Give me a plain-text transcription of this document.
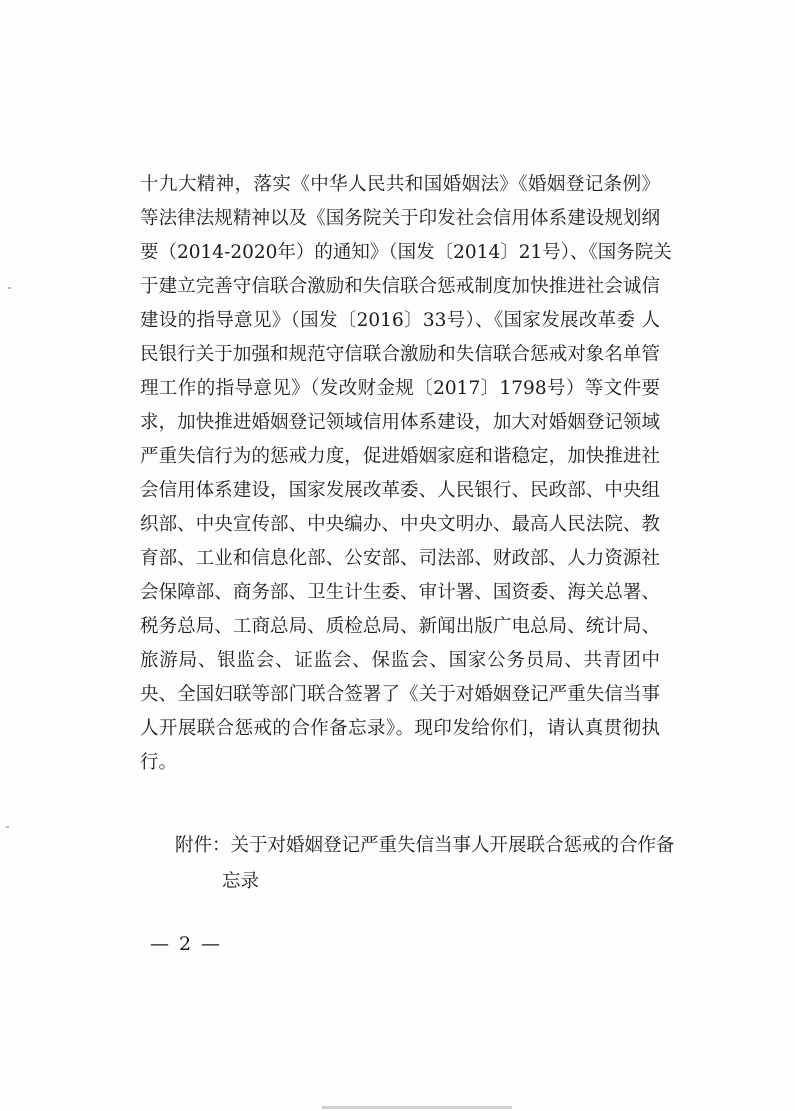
十九大精神，落实《中华人民共和国婚姻法》《婚姻登记条例》
等法律法规精神以及《国务院关于印发社会信用体系建设规划纲
要（2014-2020年）的通知》（国发〔2014〕21号）、《国务院关
于建立完善守信联合激励和失信联合惩戒制度加快推进社会诚信
建设的指导意见》（国发〔2016〕33号）、《国家发展改革委 人
民银行关于加强和规范守信联合激励和失信联合惩戒对象名单管
理工作的指导意见》（发改财金规〔2017〕1798号）等文件要
求，加快推进婚姻登记领域信用体系建设，加大对婚姻登记领域
严重失信行为的惩戒力度，促进婚姻家庭和谐稳定，加快推进社
会信用体系建设，国家发展改革委、人民银行、民政部、中央组
织部、中央宣传部、中央编办、中央文明办、最高人民法院、教
育部、工业和信息化部、公安部、司法部、财政部、人力资源社
会保障部、商务部、卫生计生委、审计署、国资委、海关总署、
税务总局、工商总局、质检总局、新闻出版广电总局、统计局、
旅游局、银监会、证监会、保监会、国家公务员局、共青团中
央、全国妇联等部门联合签署了《关于对婚姻登记严重失信当事
人开展联合惩戒的合作备忘录》。现印发给你们，请认真贯彻执
行。
附件：关于对婚姻登记严重失信当事人开展联合惩戒的合作备
忘录
— 2 —
